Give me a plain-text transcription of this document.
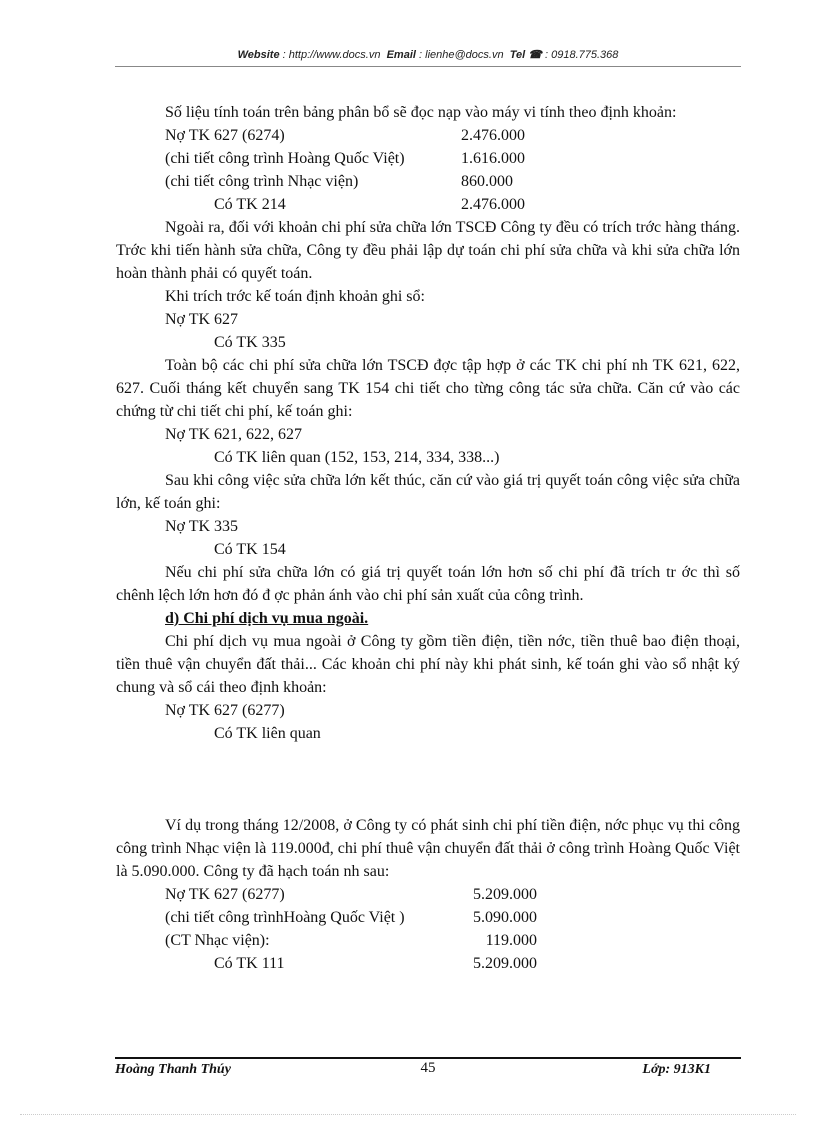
Website : http://www.docs.vn Email : lienhe@docs.vn Tel ☎ : 0918.775.368

Số liệu tính toán trên bảng phân bổ sẽ đọc nạp vào máy vi tính theo định khoản:

Nợ TK 627 (6274)	2.476.000
(chi tiết công trình Hoàng Quốc Việt)	1.616.000
(chi tiết công trình Nhạc viện)	860.000
Có TK 214	2.476.000

Ngoài ra, đối với khoản chi phí sửa chữa lớn TSCĐ Công ty đều có trích trớc hàng tháng. Trớc khi tiến hành sửa chữa, Công ty đều phải lập dự toán chi phí sửa chữa và khi sửa chữa lớn hoàn thành phải có quyết toán.

Khi trích trớc kế toán định khoản ghi sổ:
Nợ TK 627
Có TK 335

Toàn bộ các chi phí sửa chữa lớn TSCĐ đợc tập hợp ở các TK chi phí nh TK 621, 622, 627. Cuối tháng kết chuyển sang TK 154 chi tiết cho từng công tác sửa chữa. Căn cứ vào các chứng từ chi tiết chi phí, kế toán ghi:

Nợ TK 621, 622, 627
Có TK liên quan (152, 153, 214, 334, 338...)

Sau khi công việc sửa chữa lớn kết thúc, căn cứ vào giá trị quyết toán công việc sửa chữa lớn, kế toán ghi:

Nợ TK 335
Có TK 154

Nếu chi phí sửa chữa lớn có giá trị quyết toán lớn hơn số chi phí đã trích tr ớc thì số chênh lệch lớn hơn đó đ ợc phản ánh vào chi phí sản xuất của công trình.

d) Chi phí dịch vụ mua ngoài.

Chi phí dịch vụ mua ngoài ở Công ty gồm tiền điện, tiền nớc, tiền thuê bao điện thoại, tiền thuê vận chuyển đất thải... Các khoản chi phí này khi phát sinh, kế toán ghi vào sổ nhật ký chung và sổ cái theo định khoản:

Nợ TK 627 (6277)
Có TK liên quan

Ví dụ trong tháng 12/2008, ở Công ty có phát sinh chi phí tiền điện, nớc phục vụ thi công công trình Nhạc viện là 119.000đ, chi phí thuê vận chuyển đất thải ở công trình Hoàng Quốc Việt là 5.090.000. Công ty đã hạch toán nh sau:

Nợ TK 627 (6277)	5.209.000
(chi tiết công trìnhHoàng Quốc Việt )	5.090.000
(CT Nhạc viện):	119.000
Có TK 111	5.209.000
Hoàng Thanh Thúy	45	Lớp: 913K1
